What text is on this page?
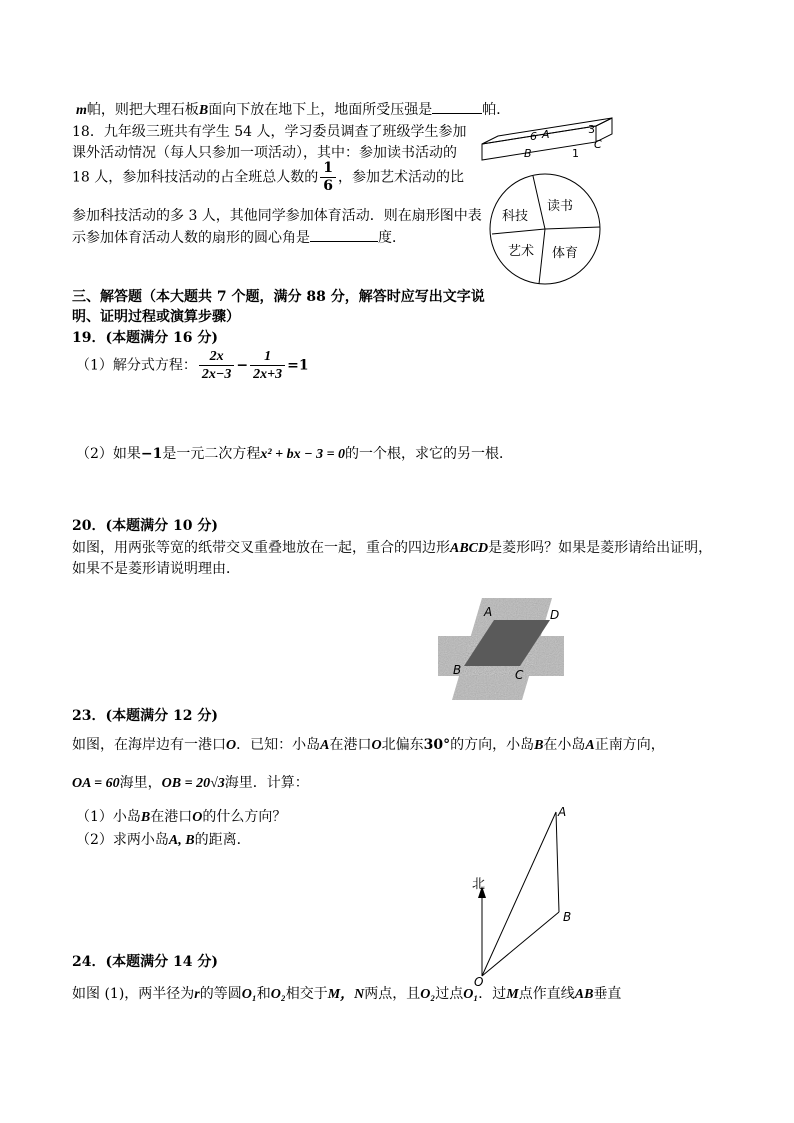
m帕，则把大理石板B面向下放在地下上，地面所受压强是	帕．
18．九年级三班共有学生 54 人，学习委员调查了班级学生参加
课外活动情况（每人只参加一项活动），其中：参加读书活动的
18 人，参加科技活动的占全班总人数的 $\frac{1}{6}$ ，参加艺术活动的比
参加科技活动的多 3 人，其他同学参加体育活动．则在扇形图中表
示参加体育活动人数的扇形的圆心角是	度．
6 A	3
B	1
C
读书
科技
艺术 体育
三、解答题（本大题共 7 个题，满分 88 分，解答时应写出文字说
明、证明过程或演算步骤）
19．(本题满分 16 分)
（1）解分式方程： $\frac{2x}{2x-3} - \frac{1}{2x+3} =1$
（2）如果−1是一元二次方程x² + bx − 3 = 0的一个根，求它的另一根．
20．(本题满分 10 分)
如图，用两张等宽的纸带交叉重叠地放在一起，重合的四边形ABCD是菱形吗？如果是菱形请给出证明，
如果不是菱形请说明理由．
A	D
B	C
23．(本题满分 12 分)
如图，在海岸边有一港口O．已知：小岛A在港口O北偏东30°的方向，小岛B在小岛A正南方向，
OA = 60海里，OB = 20√3海里．计算：
（1）小岛B在港口O的什么方向？
（2）求两小岛A, B的距离．
北
A
B
O
24．(本题满分 14 分)
如图 (1)，两半径为r的等圆O₁和O₂相交于M，N两点，且O₂过点O₁．过M点作直线AB垂直
